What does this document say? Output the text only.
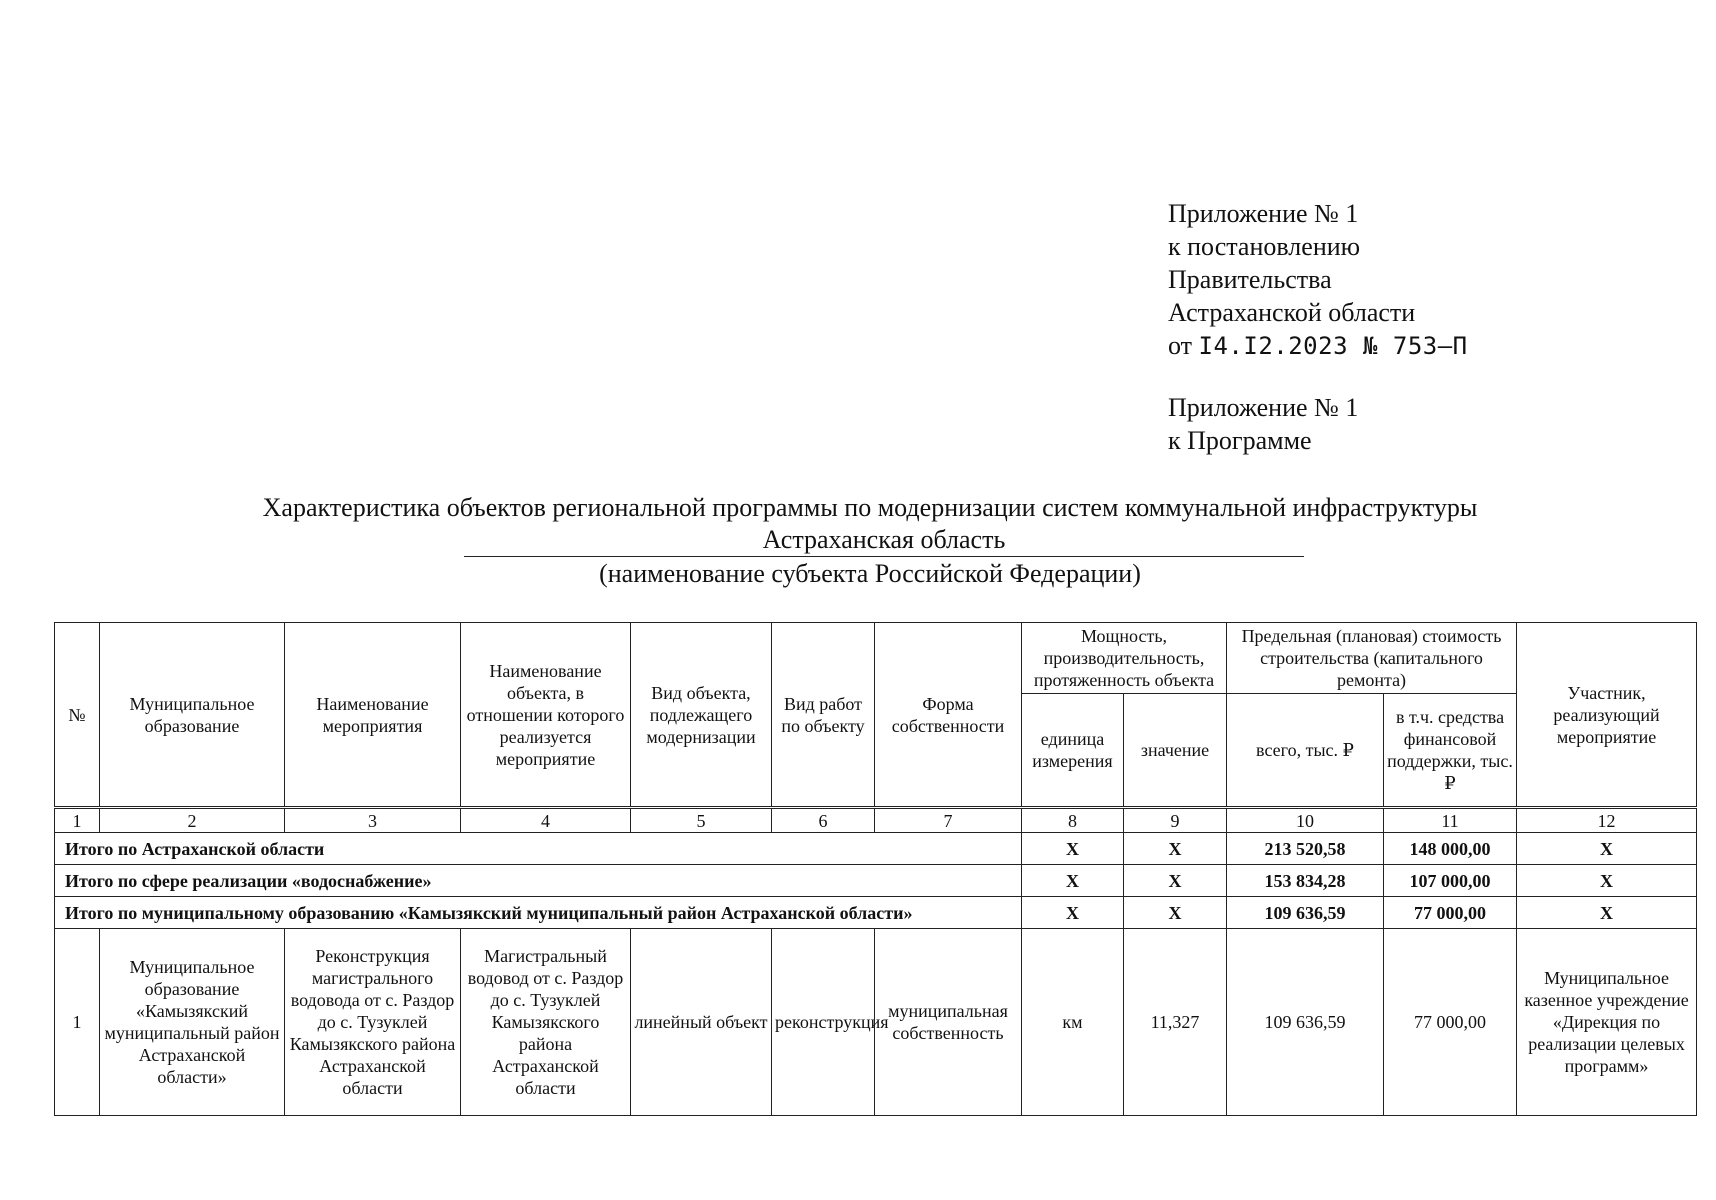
Приложение № 1
к постановлению
Правительства
Астраханской области
от I4.I2.2023 № 753–П
Приложение № 1
к Программе
Характеристика объектов региональной программы по модернизации систем коммунальной инфраструктуры
Астраханская область
(наименование субъекта Российской Федерации)
№	Муниципальное образование	Наименование мероприятия	Наименование объекта, в отношении которого реализуется мероприятие	Вид объекта, подлежащего модернизации	Вид работ по объекту	Форма собственности	Мощность, производительность, протяженность объекта		Предельная (плановая) стоимость строительства (капитального ремонта)		Участник, реализующий мероприятие
							единица измерения	значение	всего, тыс. ₽	в т.ч. средства финансовой поддержки, тыс. ₽	
1	2	3	4	5	6	7	8	9	10	11	12
Итого по Астраханской области							X	X	213 520,58	148 000,00	X
Итого по сфере реализации «водоснабжение»							X	X	153 834,28	107 000,00	X
Итого по муниципальному образованию «Камызякский муниципальный район Астраханской области»							X	X	109 636,59	77 000,00	X
1	Муниципальное образование «Камызякский муниципальный район Астраханской области»	Реконструкция магистрального водовода от с. Раздор до с. Тузуклей Камызякского района Астраханской области	Магистральный водовод от с. Раздор до с. Тузуклей Камызякского района Астраханской области	линейный объект	реконструкция	муниципальная собственность	км	11,327	109 636,59	77 000,00	Муниципальное казенное учреждение «Дирекция по реализации целевых программ»
